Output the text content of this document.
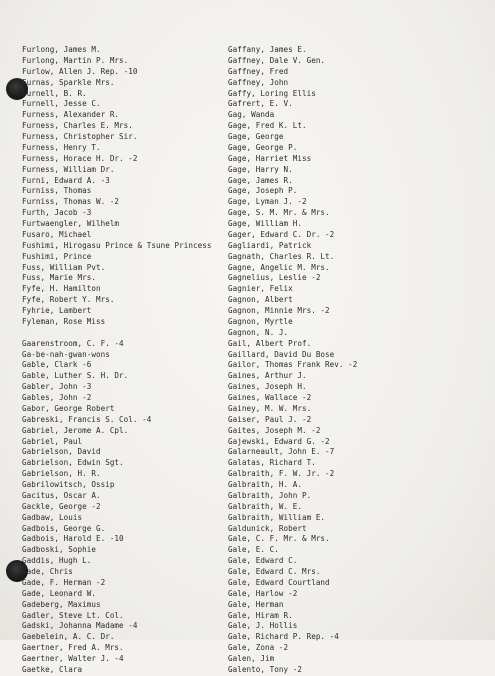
Furlong, James M.
Furlong, Martin P. Mrs.
Furlow, Allen J. Rep. -10
Furnas, Sparkle Mrs.
Furnell, B. R.
Furnell, Jesse C.
Furness, Alexander R.
Furness, Charles E. Mrs.
Furness, Christopher Sir.
Furness, Henry T.
Furness, Horace H. Dr. -2
Furness, William Dr.
Furni, Edward A. -3
Furniss, Thomas
Furniss, Thomas W. -2
Furth, Jacob -3
Furtwaengler, Wilhelm
Fusaro, Michael
Fushimi, Hirogasu Prince & Tsune Princess
Fushimi, Prince
Fuss, William Pvt.
Fuss, Marie Mrs.
Fyfe, H. Hamilton
Fyfe, Robert Y. Mrs.
Fyhrie, Lambert
Fyleman, Rose Miss
Gaarenstroom, C. F. -4
Ga-be-nah-gwan-wons
Gable, Clark -6
Gable, Luther S. H. Dr.
Gabler, John -3
Gables, John -2
Gabor, George Robert
Gabreski, Francis S. Col. -4
Gabriel, Jerome A. Cpl.
Gabriel, Paul
Gabrielson, David
Gabrielson, Edwin Sgt.
Gabrielson, H. R.
Gabrilowitsch, Ossip
Gacitus, Oscar A.
Gackle, George -2
Gadbaw, Louis
Gadbois, George G.
Gadbois, Harold E. -10
Gadboski, Sophie
Gaddis, Hugh L.
Gade, Chris
Gade, F. Herman -2
Gade, Leonard W.
Gadeberg, Maximus
Gadler, Steve Lt. Col.
Gadski, Johanna Madame -4
Gaebelein, A. C. Dr.
Gaertner, Fred A. Mrs.
Gaertner, Walter J. -4
Gaetke, Clara
Gaffany, James E.
Gaffney, Dale V. Gen.
Gaffney, Fred
Gaffney, John
Gaffy, Loring Ellis
Gafrert, E. V.
Gag, Wanda
Gage, Fred K. Lt.
Gage, George
Gage, George P.
Gage, Harriet Miss
Gage, Harry N.
Gage, James R.
Gage, Joseph P.
Gage, Lyman J. -2
Gage, S. M. Mr. & Mrs.
Gage, William H.
Gager, Edward C. Dr. -2
Gagliardi, Patrick
Gagnath, Charles R. Lt.
Gagne, Angelic M. Mrs.
Gagnelius, Leslie -2
Gagnier, Felix
Gagnon, Albert
Gagnon, Minnie Mrs. -2
Gagnon, Myrtle
Gagnon, N. J.
Gail, Albert Prof.
Gaillard, David Du Bose
Gailor, Thomas Frank Rev. -2
Gaines, Arthur J.
Gaines, Joseph H.
Gaines, Wallace -2
Gainey, M. W. Mrs.
Gaiser, Paul J. -2
Gaites, Joseph M. -2
Gajewski, Edward G. -2
Galarneault, John E. -7
Galatas, Richard T.
Galbraith, F. W. Jr. -2
Galbraith, H. A.
Galbraith, John P.
Galbraith, W. E.
Galbraith, William E.
Galdunick, Robert
Gale, C. F. Mr. & Mrs.
Gale, E. C.
Gale, Edward C.
Gale, Edward C. Mrs.
Gale, Edward Courtland
Gale, Harlow -2
Gale, Herman
Gale, Hiram R.
Gale, J. Hollis
Gale, Richard P. Rep. -4
Gale, Zona -2
Galen, Jim
Galento, Tony -2
